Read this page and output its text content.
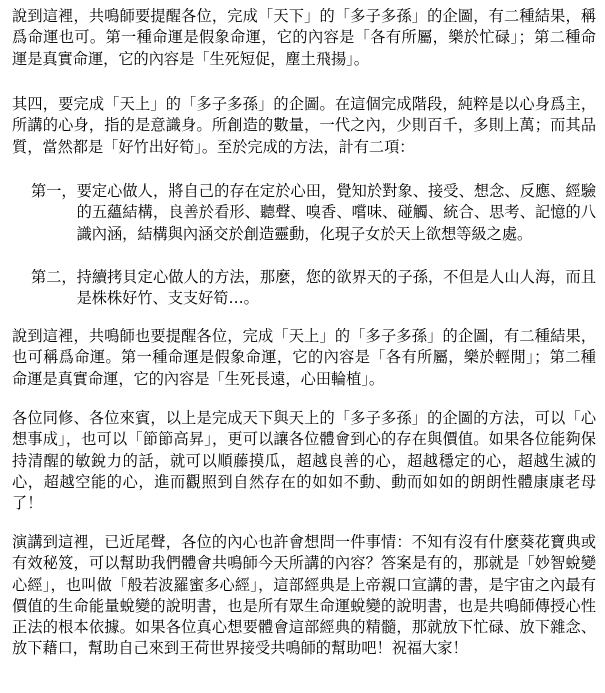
說到這裡，共鳴師要提醒各位，完成「天下」的「多子多孫」的企圖，有二種結果，稱爲命運也可。第一種命運是假象命運，它的內容是「各有所屬，樂於忙碌」；第二種命運是真實命運，它的內容是「生死短促，塵土飛揚」。

其四，要完成「天上」的「多子多孫」的企圖。在這個完成階段，純粹是以心身爲主，所講的心身，指的是意識身。所創造的數量，一代之內，少則百千，多則上萬；而其品質，當然都是「好竹出好筍」。至於完成的方法，計有二項：

第一， 要定心做人，將自己的存在定於心田，覺知於對象、接受、想念、反應、經驗的五蘊結構，良善於看形、聽聲、嗅香、嚐味、碰觸、統合、思考、記憶的八識內涵，結構與內涵交於創造靈動，化現子女於天上欲想等級之處。
第二， 持續拷貝定心做人的方法，那麼，您的欲界天的子孫，不但是人山人海，而且是株株好竹、支支好筍…。

說到這裡，共鳴師也要提醒各位，完成「天上」的「多子多孫」的企圖，有二種結果，也可稱爲命運。第一種命運是假象命運，它的內容是「各有所屬，樂於輕閒」；第二種命運是真實命運，它的內容是「生死長遠，心田輪植」。

各位同修、各位來賓，以上是完成天下與天上的「多子多孫」的企圖的方法，可以「心想事成」，也可以「節節高昇」，更可以讓各位體會到心的存在與價值。如果各位能夠保持清醒的敏銳力的話，就可以順藤摸瓜，超越良善的心，超越穩定的心，超越生滅的心，超越空能的心，進而觀照到自然存在的如如不動、動而如如的朗朗性體康康老母了！

演講到這裡，已近尾聲，各位的內心也許會想問一件事情：不知有沒有什麼葵花寶典或有效秘笈，可以幫助我們體會共鳴師今天所講的內容？答案是有的，那就是「妙智蛻變心經」，也叫做「般若波羅蜜多心經」，這部經典是上帝親口宣講的書，是宇宙之內最有價值的生命能量蛻變的說明書，也是所有眾生命運蛻變的說明書，也是共鳴師傳授心性正法的根本依據。如果各位真心想要體會這部經典的精髓，那就放下忙碌、放下雜念、放下藉口，幫助自己來到王荷世界接受共鳴師的幫助吧！祝福大家！
